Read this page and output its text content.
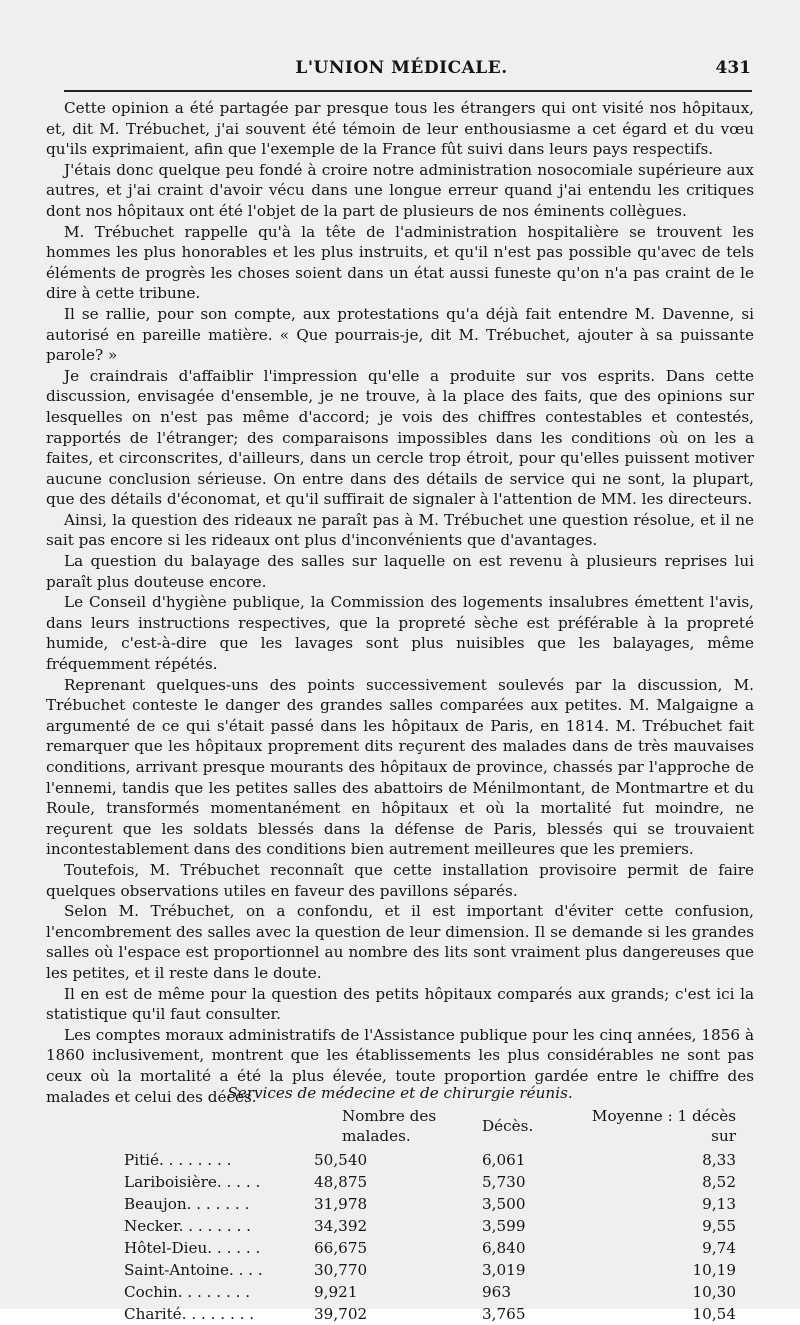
L'UNION MÉDICALE.	431

Cette opinion a été partagée par presque tous les étrangers qui ont visité nos hôpitaux, et, dit M. Trébuchet, j'ai souvent été témoin de leur enthousiasme a cet égard et du vœu qu'ils exprimaient, afin que l'exemple de la France fût suivi dans leurs pays respectifs.

J'étais donc quelque peu fondé à croire notre administration nosocomiale supérieure aux autres, et j'ai craint d'avoir vécu dans une longue erreur quand j'ai entendu les critiques dont nos hôpitaux ont été l'objet de la part de plusieurs de nos éminents collègues.

M. Trébuchet rappelle qu'à la tête de l'administration hospitalière se trouvent les hommes les plus honorables et les plus instruits, et qu'il n'est pas possible qu'avec de tels éléments de progrès les choses soient dans un état aussi funeste qu'on n'a pas craint de le dire à cette tribune.

Il se rallie, pour son compte, aux protestations qu'a déjà fait entendre M. Davenne, si autorisé en pareille matière. « Que pourrais-je, dit M. Trébuchet, ajouter à sa puissante parole? »

Je craindrais d'affaiblir l'impression qu'elle a produite sur vos esprits. Dans cette discussion, envisagée d'ensemble, je ne trouve, à la place des faits, que des opinions sur lesquelles on n'est pas même d'accord; je vois des chiffres contestables et contestés, rapportés de l'étranger; des comparaisons impossibles dans les conditions où on les a faites, et circonscrites, d'ailleurs, dans un cercle trop étroit, pour qu'elles puissent motiver aucune conclusion sérieuse. On entre dans des détails de service qui ne sont, la plupart, que des détails d'économat, et qu'il suffirait de signaler à l'attention de MM. les directeurs.

Ainsi, la question des rideaux ne paraît pas à M. Trébuchet une question résolue, et il ne sait pas encore si les rideaux ont plus d'inconvénients que d'avantages.

La question du balayage des salles sur laquelle on est revenu à plusieurs reprises lui paraît plus douteuse encore.

Le Conseil d'hygiène publique, la Commission des logements insalubres émettent l'avis, dans leurs instructions respectives, que la propreté sèche est préférable à la propreté humide, c'est-à-dire que les lavages sont plus nuisibles que les balayages, même fréquemment répétés.

Reprenant quelques-uns des points successivement soulevés par la discussion, M. Trébuchet conteste le danger des grandes salles comparées aux petites. M. Malgaigne a argumenté de ce qui s'était passé dans les hôpitaux de Paris, en 1814. M. Trébuchet fait remarquer que les hôpitaux proprement dits reçurent des malades dans de très mauvaises conditions, arrivant presque mourants des hôpitaux de province, chassés par l'approche de l'ennemi, tandis que les petites salles des abattoirs de Ménilmontant, de Montmartre et du Roule, transformés momentanément en hôpitaux et où la mortalité fut moindre, ne reçurent que les soldats blessés dans la défense de Paris, blessés qui se trouvaient incontestablement dans des conditions bien autrement meilleures que les premiers.

Toutefois, M. Trébuchet reconnaît que cette installation provisoire permit de faire quelques observations utiles en faveur des pavillons séparés.

Selon M. Trébuchet, on a confondu, et il est important d'éviter cette confusion, l'encombrement des salles avec la question de leur dimension. Il se demande si les grandes salles où l'espace est proportionnel au nombre des lits sont vraiment plus dangereuses que les petites, et il reste dans le doute.

Il en est de même pour la question des petits hôpitaux comparés aux grands; c'est ici la statistique qu'il faut consulter.

Les comptes moraux administratifs de l'Assistance publique pour les cinq années, 1856 à 1860 inclusivement, montrent que les établissements les plus considérables ne sont pas ceux où la mortalité a été la plus élevée, toute proportion gardée entre le chiffre des malades et celui des décès.

Services de médecine et de chirurgie réunis.
	Nombre des malades.	Décès.	Moyenne : 1 décès sur
Pitié. . . . . . . .	50,540	6,061	8,33
Lariboisière. . . . .	48,875	5,730	8,52
Beaujon. . . . . . .	31,978	3,500	9,13
Necker. . . . . . . .	34,392	3,599	9,55
Hôtel-Dieu. . . . . .	66,675	6,840	9,74
Saint-Antoine. . . .	30,770	3,019	10,19
Cochin. . . . . . . .	9,921	963	10,30
Charité. . . . . . . .	39,702	3,765	10,54
